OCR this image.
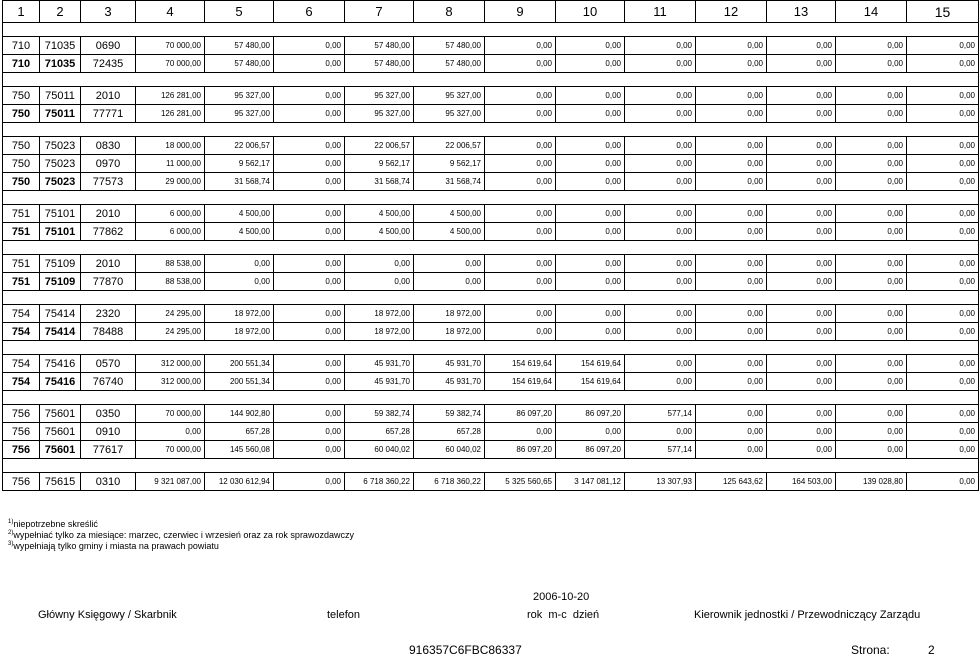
1	2	3	4	5	6	7	8	9	10	11	12	13	14	15

710	71035	0690	70 000,00	57 480,00	0,00	57 480,00	57 480,00	0,00	0,00	0,00	0,00	0,00	0,00	0,00
710	71035	72435	70 000,00	57 480,00	0,00	57 480,00	57 480,00	0,00	0,00	0,00	0,00	0,00	0,00	0,00

750	75011	2010	126 281,00	95 327,00	0,00	95 327,00	95 327,00	0,00	0,00	0,00	0,00	0,00	0,00	0,00
750	75011	77771	126 281,00	95 327,00	0,00	95 327,00	95 327,00	0,00	0,00	0,00	0,00	0,00	0,00	0,00

750	75023	0830	18 000,00	22 006,57	0,00	22 006,57	22 006,57	0,00	0,00	0,00	0,00	0,00	0,00	0,00
750	75023	0970	11 000,00	9 562,17	0,00	9 562,17	9 562,17	0,00	0,00	0,00	0,00	0,00	0,00	0,00
750	75023	77573	29 000,00	31 568,74	0,00	31 568,74	31 568,74	0,00	0,00	0,00	0,00	0,00	0,00	0,00

751	75101	2010	6 000,00	4 500,00	0,00	4 500,00	4 500,00	0,00	0,00	0,00	0,00	0,00	0,00	0,00
751	75101	77862	6 000,00	4 500,00	0,00	4 500,00	4 500,00	0,00	0,00	0,00	0,00	0,00	0,00	0,00

751	75109	2010	88 538,00	0,00	0,00	0,00	0,00	0,00	0,00	0,00	0,00	0,00	0,00	0,00
751	75109	77870	88 538,00	0,00	0,00	0,00	0,00	0,00	0,00	0,00	0,00	0,00	0,00	0,00

754	75414	2320	24 295,00	18 972,00	0,00	18 972,00	18 972,00	0,00	0,00	0,00	0,00	0,00	0,00	0,00
754	75414	78488	24 295,00	18 972,00	0,00	18 972,00	18 972,00	0,00	0,00	0,00	0,00	0,00	0,00	0,00

754	75416	0570	312 000,00	200 551,34	0,00	45 931,70	45 931,70	154 619,64	154 619,64	0,00	0,00	0,00	0,00	0,00
754	75416	76740	312 000,00	200 551,34	0,00	45 931,70	45 931,70	154 619,64	154 619,64	0,00	0,00	0,00	0,00	0,00

756	75601	0350	70 000,00	144 902,80	0,00	59 382,74	59 382,74	86 097,20	86 097,20	577,14	0,00	0,00	0,00	0,00
756	75601	0910	0,00	657,28	0,00	657,28	657,28	0,00	0,00	0,00	0,00	0,00	0,00	0,00
756	75601	77617	70 000,00	145 560,08	0,00	60 040,02	60 040,02	86 097,20	86 097,20	577,14	0,00	0,00	0,00	0,00

756	75615	0310	9 321 087,00	12 030 612,94	0,00	6 718 360,22	6 718 360,22	5 325 560,65	3 147 081,12	13 307,93	125 643,62	164 503,00	139 028,80	0,00
$^{1)}$niepotrzebne skreślić
$^{2)}$wypełniać tylko za miesiące: marzec, czerwiec i wrzesień oraz za rok sprawozdawczy
$^{3)}$wypełniają tylko gminy i miasta na prawach powiatu
2006-10-20
Główny Księgowy / Skarbnik	telefon	rok  m-c  dzień	Kierownik jednostki / Przewodniczący Zarządu
916357C6FBC86337	Strona:	2
